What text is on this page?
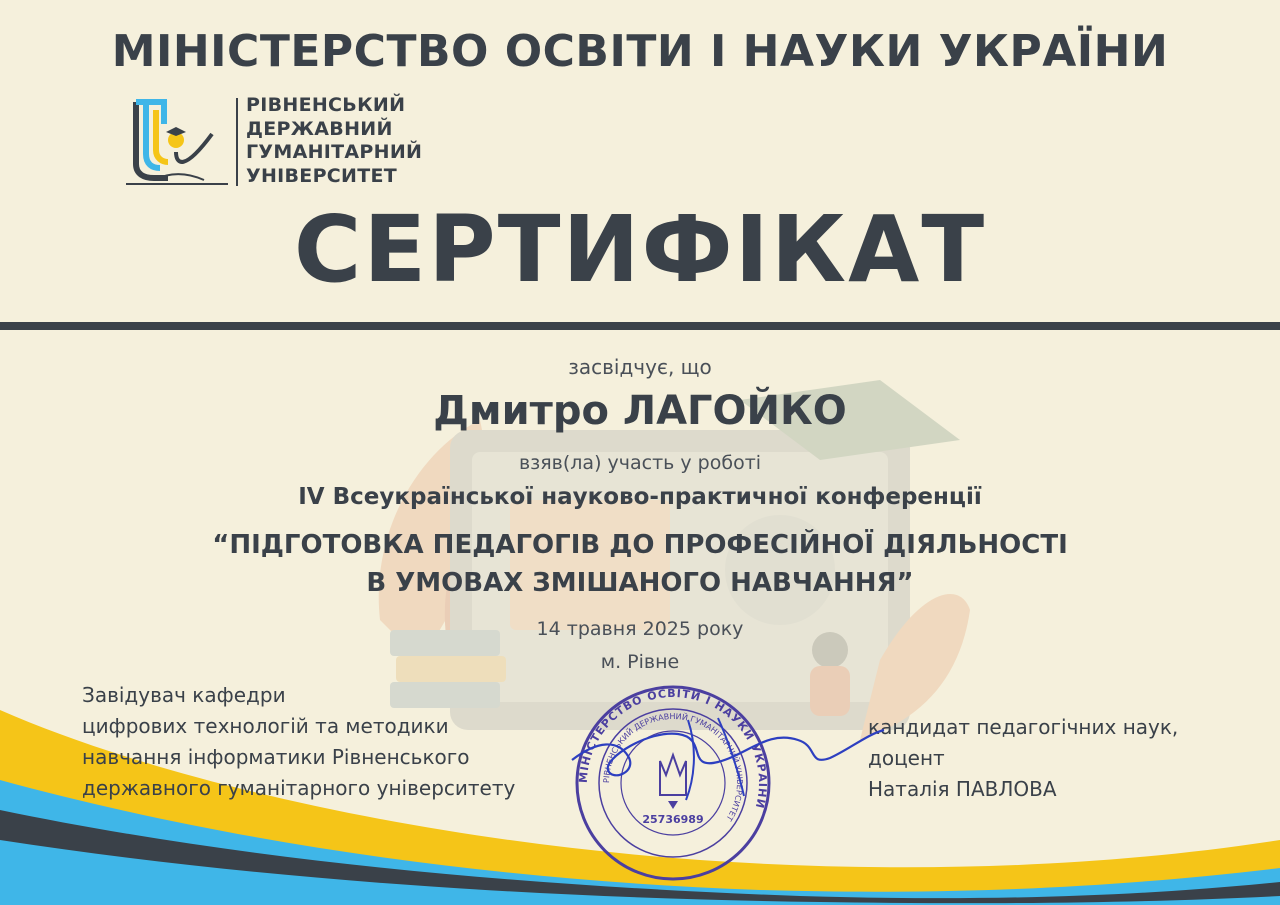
МІНІСТЕРСТВО ОСВІТИ І НАУКИ УКРАЇНИ
РІВНЕНСЬКИЙ
ДЕРЖАВНИЙ
ГУМАНІТАРНИЙ
УНІВЕРСИТЕТ
СЕРТИФІКАТ
засвідчує, що
Дмитро ЛАГОЙКО
взяв(ла) участь у роботі
IV Всеукраїнської науково-практичної конференції
“ПІДГОТОВКА ПЕДАГОГІВ ДО ПРОФЕСІЙНОЇ ДІЯЛЬНОСТІ
В УМОВАХ ЗМІШАНОГО НАВЧАННЯ”
14 травня 2025 року
м. Рівне
Завідувач кафедри
цифрових технологій та методики
навчання інформатики Рівненського
державного гуманітарного університету
кандидат педагогічних наук,
доцент
Наталія ПАВЛОВА
МІНІСТЕРСТВО ОСВІТИ І НАУКИ УКРАЇНИ
РІВНЕНСЬКИЙ ДЕРЖАВНИЙ ГУМАНІТАРНИЙ УНІВЕРСИТЕТ
25736989
